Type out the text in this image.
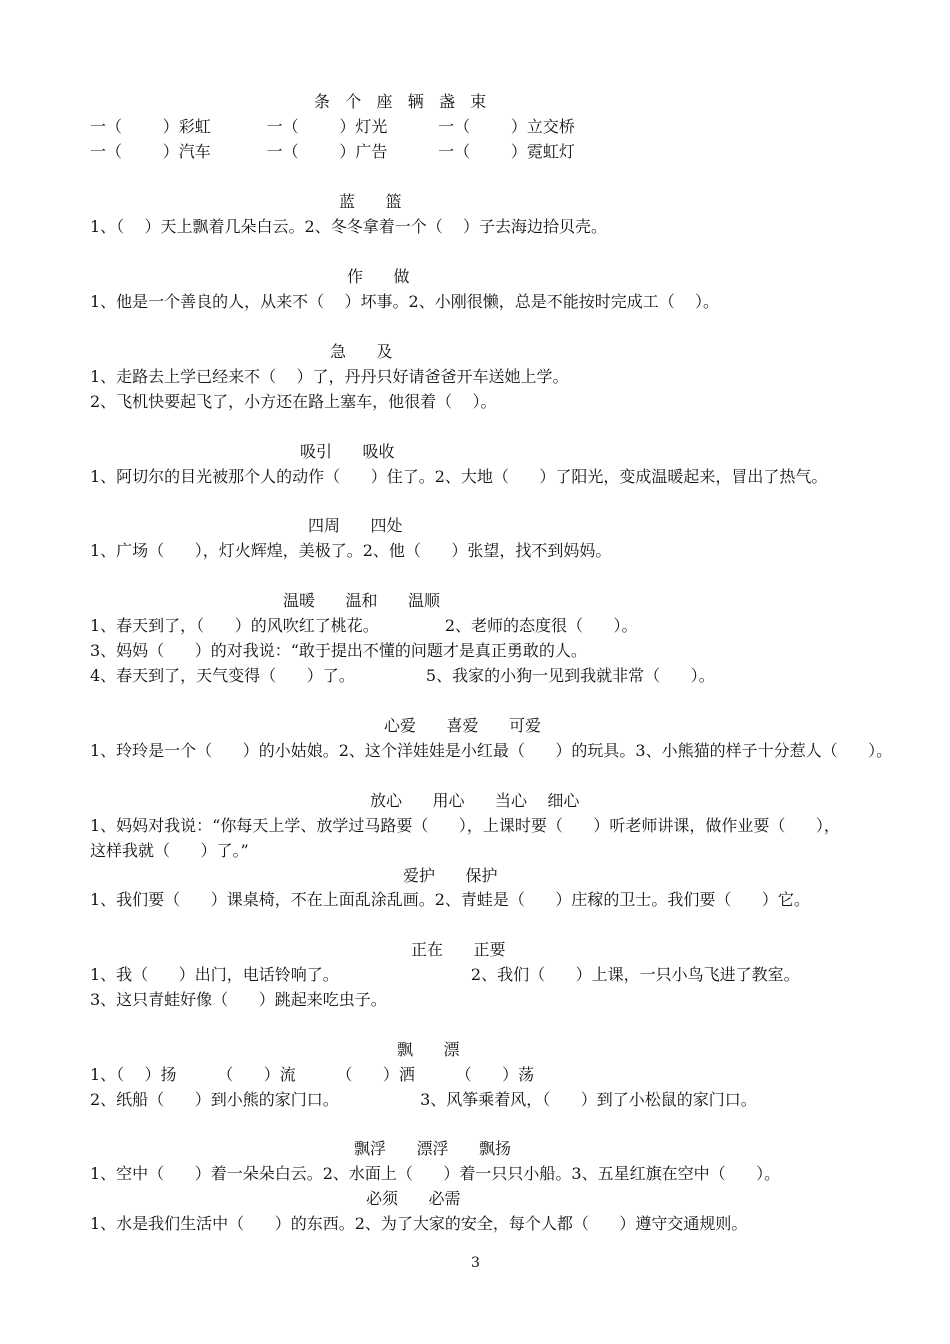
条   个   座   辆   盏   束
一（        ）彩虹           一（        ）灯光          一（        ）立交桥
一（        ）汽车           一（        ）广告          一（        ）霓虹灯
蓝      篮
1、（    ）天上飘着几朵白云。2、冬冬拿着一个（    ）子去海边拾贝壳。
作      做
1、他是一个善良的人，从来不（    ）坏事。2、小刚很懒，总是不能按时完成工（    ）。
急      及
1、走路去上学已经来不（    ）了，丹丹只好请爸爸开车送她上学。
2、飞机快要起飞了，小方还在路上塞车，他很着（    ）。
吸引      吸收
1、阿切尔的目光被那个人的动作（      ）住了。2、大地（      ）了阳光，变成温暖起来，冒出了热气。
四周      四处
1、广场（      ），灯火辉煌，美极了。2、他（      ）张望，找不到妈妈。
温暖      温和      温顺
1、春天到了，（      ）的风吹红了桃花。             2、老师的态度很（      ）。
3、妈妈（      ）的对我说：“敢于提出不懂的问题才是真正勇敢的人。
4、春天到了，天气变得（      ）了。              5、我家的小狗一见到我就非常（      ）。
心爱      喜爱      可爱
1、玲玲是一个（      ）的小姑娘。2、这个洋娃娃是小红最（      ）的玩具。3、小熊猫的样子十分惹人（      ）。
放心      用心      当心    细心
1、妈妈对我说：“你每天上学、放学过马路要（      ），上课时要（      ）听老师讲课，做作业要（      ），
这样我就（      ）了。”
爱护      保护
1、我们要（      ）课桌椅，不在上面乱涂乱画。2、青蛙是（      ）庄稼的卫士。我们要（      ）它。
正在      正要
1、我（      ）出门，电话铃响了。                          2、我们（      ）上课，一只小鸟飞进了教室。
3、这只青蛙好像（      ）跳起来吃虫子。
飘      漂
1、（    ）扬        （      ）流        （      ）洒        （      ）荡
2、纸船（      ）到小熊的家门口。                3、风筝乘着风，（      ）到了小松鼠的家门口。
飘浮      漂浮      飘扬
1、空中（      ）着一朵朵白云。2、水面上（      ）着一只只小船。3、五星红旗在空中（      ）。
必须      必需
1、水是我们生活中（      ）的东西。2、为了大家的安全，每个人都（      ）遵守交通规则。
3
